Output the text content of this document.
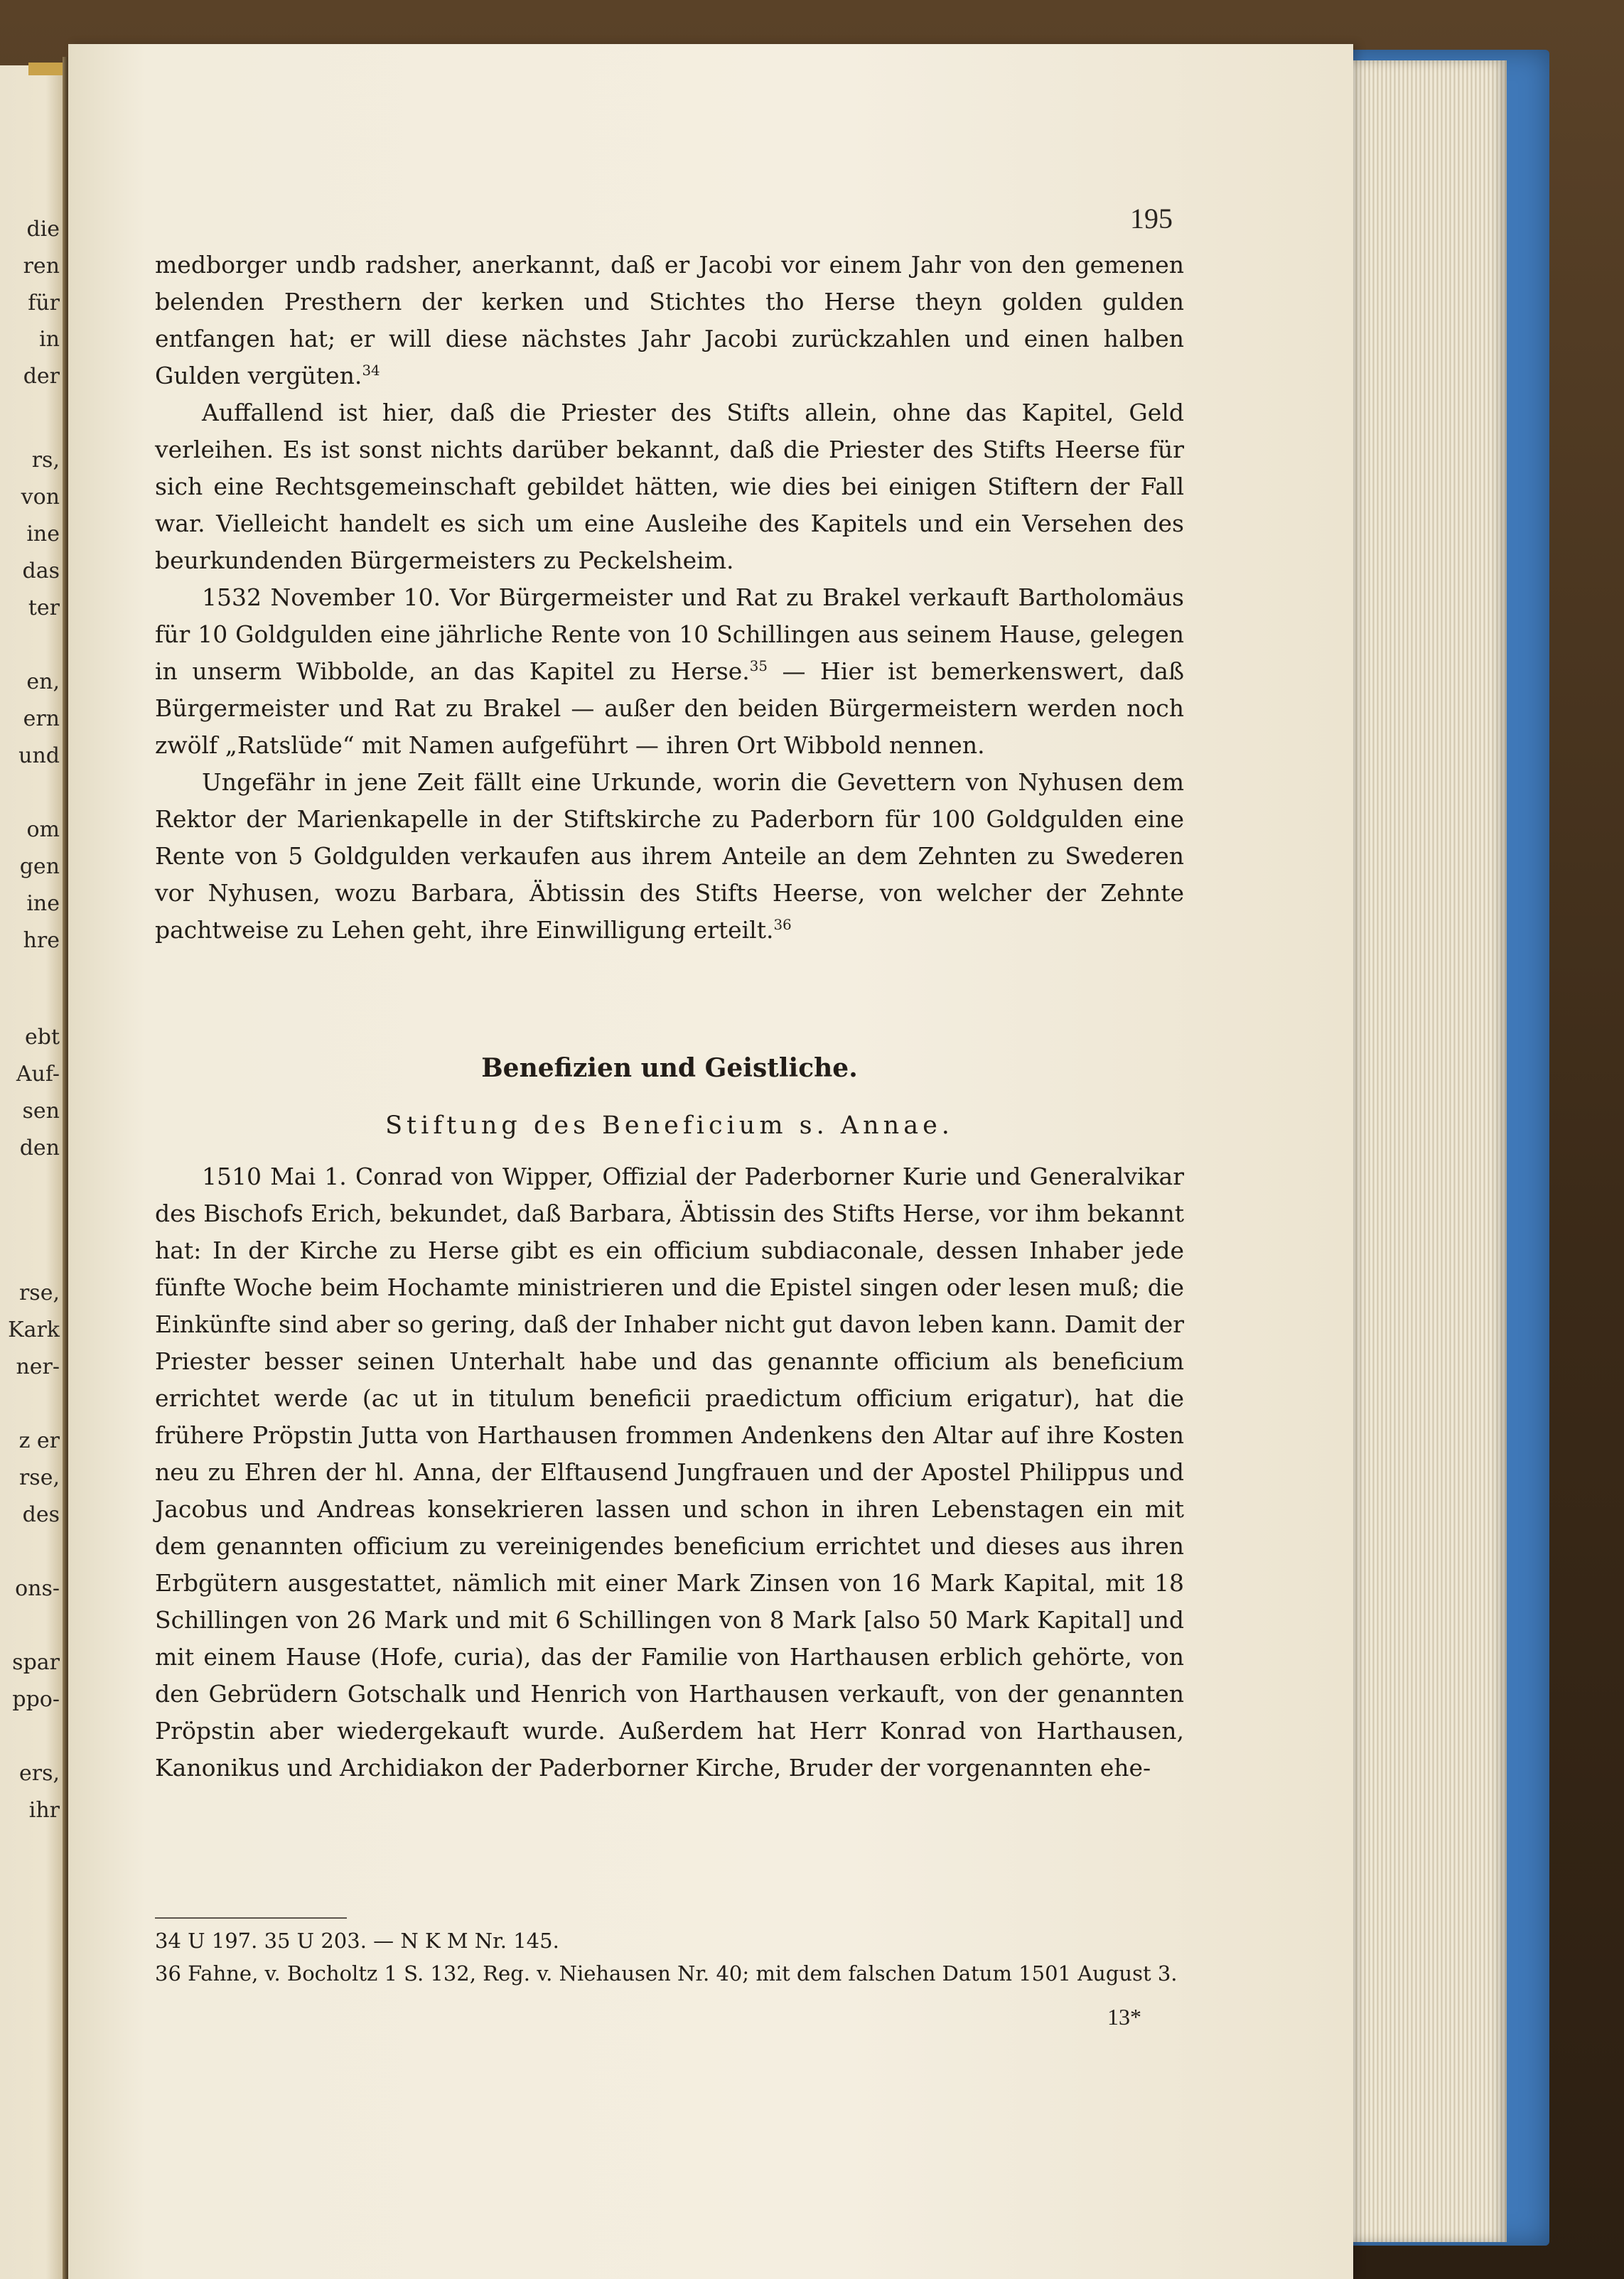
die
ren
für
in
der
rs,
von
ine
das
ter
en,
ern
und
om
gen
ine
hre
ebt
Auf-
sen
den
rse,
Kark
ner-
z er
rse,
des
ons-
spar
ppo-
ers,
ihr
195

medborger undb radsher, anerkannt, daß er Jacobi vor einem Jahr von den gemenen belenden Presthern der kerken und Stichtes tho Herse theyn golden gulden entfangen hat; er will diese nächstes Jahr Jacobi zurückzahlen und einen halben Gulden vergüten.$^{34}$

Auffallend ist hier, daß die Priester des Stifts allein, ohne das Kapitel, Geld verleihen. Es ist sonst nichts darüber bekannt, daß die Priester des Stifts Heerse für sich eine Rechtsgemeinschaft gebildet hätten, wie dies bei einigen Stiftern der Fall war. Vielleicht handelt es sich um eine Ausleihe des Kapitels und ein Versehen des beurkundenden Bürgermeisters zu Peckelsheim.

1532 November 10. Vor Bürgermeister und Rat zu Brakel verkauft Bartholomäus für 10 Goldgulden eine jährliche Rente von 10 Schillingen aus seinem Hause, gelegen in unserm Wibbolde, an das Kapitel zu Herse.$^{35}$ — Hier ist bemerkenswert, daß Bürgermeister und Rat zu Brakel — außer den beiden Bürgermeistern werden noch zwölf „Ratslüde“ mit Namen aufgeführt — ihren Ort Wibbold nennen.

Ungefähr in jene Zeit fällt eine Urkunde, worin die Gevettern von Nyhusen dem Rektor der Marienkapelle in der Stiftskirche zu Paderborn für 100 Goldgulden eine Rente von 5 Goldgulden verkaufen aus ihrem Anteile an dem Zehnten zu Swederen vor Nyhusen, wozu Barbara, Äbtissin des Stifts Heerse, von welcher der Zehnte pachtweise zu Lehen geht, ihre Einwilligung erteilt.$^{36}$

Benefizien und Geistliche.
Stiftung des Beneficium s. Annae.

1510 Mai 1. Conrad von Wipper, Offizial der Paderborner Kurie und Generalvikar des Bischofs Erich, bekundet, daß Barbara, Äbtissin des Stifts Herse, vor ihm bekannt hat: In der Kirche zu Herse gibt es ein officium subdiaconale, dessen Inhaber jede fünfte Woche beim Hochamte ministrieren und die Epistel singen oder lesen muß; die Einkünfte sind aber so gering, daß der Inhaber nicht gut davon leben kann. Damit der Priester besser seinen Unterhalt habe und das genannte officium als beneficium errichtet werde (ac ut in titulum beneficii praedictum officium erigatur), hat die frühere Pröpstin Jutta von Harthausen frommen Andenkens den Altar auf ihre Kosten neu zu Ehren der hl. Anna, der Elftausend Jungfrauen und der Apostel Philippus und Jacobus und Andreas konsekrieren lassen und schon in ihren Lebenstagen ein mit dem genannten officium zu vereinigendes beneficium errichtet und dieses aus ihren Erbgütern ausgestattet, nämlich mit einer Mark Zinsen von 16 Mark Kapital, mit 18 Schillingen von 26 Mark und mit 6 Schillingen von 8 Mark [also 50 Mark Kapital] und mit einem Hause (Hofe, curia), das der Familie von Harthausen erblich gehörte, von den Gebrüdern Gotschalk und Henrich von Harthausen verkauft, von der genannten Pröpstin aber wiedergekauft wurde. Außerdem hat Herr Konrad von Harthausen, Kanonikus und Archidiakon der Paderborner Kirche, Bruder der vorgenannten ehe-

34 U 197. 35 U 203. — N K M Nr. 145.

36 Fahne, v. Bocholtz 1 S. 132, Reg. v. Niehausen Nr. 40; mit dem falschen Datum 1501 August 3.

13*
